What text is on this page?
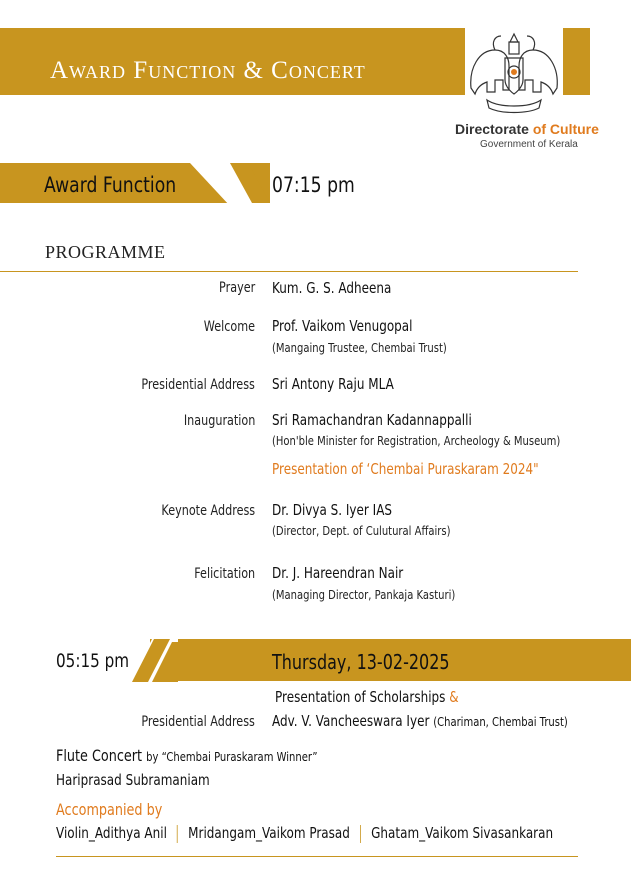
Award Function & Concert
Directorate of Culture
Government of Kerala
Award Function	07:15 pm
PROGRAMME
Prayer Kum. G. S. Adheena
Welcome Prof. Vaikom Venugopal
(Mangaing Trustee, Chembai Trust)
Presidential Address Sri Antony Raju MLA
Inauguration Sri Ramachandran Kadannappalli
(Hon'ble Minister for Registration, Archeology & Museum)
Presentation of ‘Chembai Puraskaram 2024"
Keynote Address Dr. Divya S. Iyer IAS
(Director, Dept. of Culutural Affairs)
Felicitation Dr. J. Hareendran Nair
(Managing Director, Pankaja Kasturi)
05:15 pm	Thursday, 13-02-2025
Presentation of Scholarships &
Presidential Address Adv. V. Vancheeswara Iyer (Chariman, Chembai Trust)
Flute Concert by “Chembai Puraskaram Winner”
Hariprasad Subramaniam
Accompanied by
Violin_Adithya Anil Mridangam_Vaikom Prasad Ghatam_Vaikom Sivasankaran
